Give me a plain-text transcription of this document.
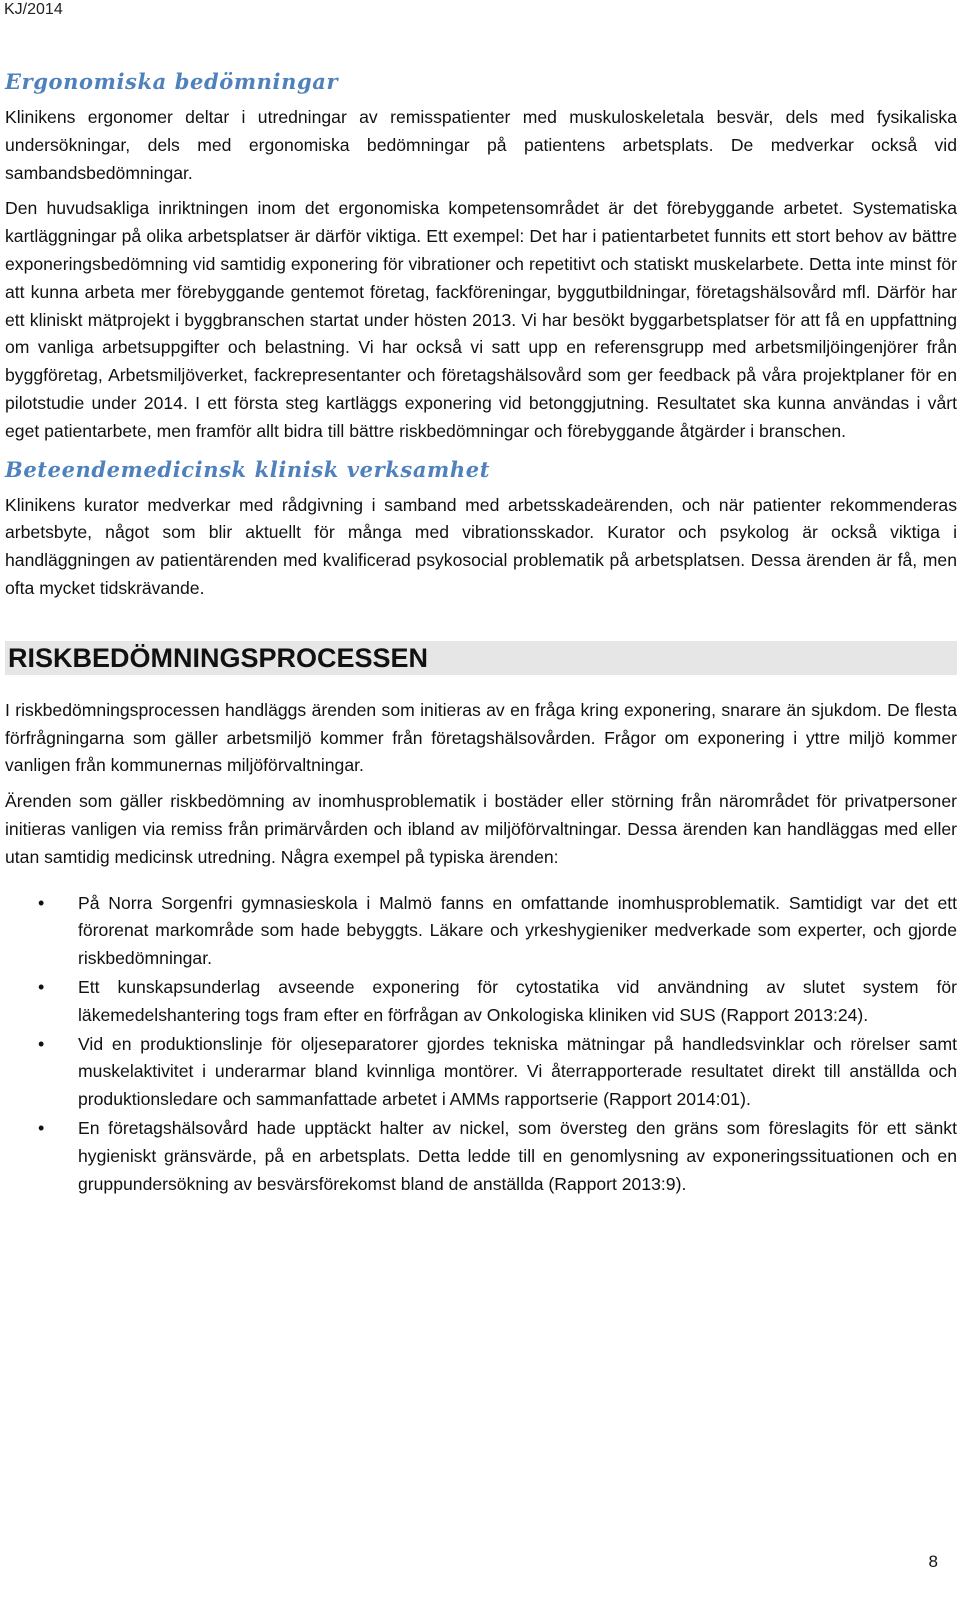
KJ/2014
Ergonomiska bedömningar

Klinikens ergonomer deltar i utredningar av remisspatienter med muskuloskeletala besvär, dels med fysikaliska undersökningar, dels med ergonomiska bedömningar på patientens arbetsplats. De medverkar också vid sambandsbedömningar.

Den huvudsakliga inriktningen inom det ergonomiska kompetensområdet är det förebyggande arbetet. Systematiska kartläggningar på olika arbetsplatser är därför viktiga. Ett exempel: Det har i patientarbetet funnits ett stort behov av bättre exponeringsbedömning vid samtidig exponering för vibrationer och repetitivt och statiskt muskelarbete. Detta inte minst för att kunna arbeta mer förebyggande gentemot företag, fackföreningar, byggutbildningar, företagshälsovård mfl. Därför har ett kliniskt mätprojekt i byggbranschen startat under hösten 2013. Vi har besökt byggarbetsplatser för att få en uppfattning om vanliga arbetsuppgifter och belastning. Vi har också vi satt upp en referensgrupp med arbetsmiljöingenjörer från byggföretag, Arbetsmiljöverket, fackrepresentanter och företagshälsovård som ger feedback på våra projektplaner för en pilotstudie under 2014. I ett första steg kartläggs exponering vid betonggjutning. Resultatet ska kunna användas i vårt eget patientarbete, men framför allt bidra till bättre riskbedömningar och förebyggande åtgärder i branschen.

Beteendemedicinsk klinisk verksamhet

Klinikens kurator medverkar med rådgivning i samband med arbetsskadeärenden, och när patienter rekommenderas arbetsbyte, något som blir aktuellt för många med vibrationsskador. Kurator och psykolog är också viktiga i handläggningen av patientärenden med kvalificerad psykosocial problematik på arbetsplatsen. Dessa ärenden är få, men ofta mycket tidskrävande.

RISKBEDÖMNINGSPROCESSEN

I riskbedömningsprocessen handläggs ärenden som initieras av en fråga kring exponering, snarare än sjukdom. De flesta förfrågningarna som gäller arbetsmiljö kommer från företagshälsovården. Frågor om exponering i yttre miljö kommer vanligen från kommunernas miljöförvaltningar.

Ärenden som gäller riskbedömning av inomhusproblematik i bostäder eller störning från närområdet för privatpersoner initieras vanligen via remiss från primärvården och ibland av miljöförvaltningar. Dessa ärenden kan handläggas med eller utan samtidig medicinsk utredning. Några exempel på typiska ärenden:

• På Norra Sorgenfri gymnasieskola i Malmö fanns en omfattande inomhusproblematik. Samtidigt var det ett förorenat markområde som hade bebyggts. Läkare och yrkeshygieniker medverkade som experter, och gjorde riskbedömningar.
• Ett kunskapsunderlag avseende exponering för cytostatika vid användning av slutet system för läkemedelshantering togs fram efter en förfrågan av Onkologiska kliniken vid SUS (Rapport 2013:24).
• Vid en produktionslinje för oljeseparatorer gjordes tekniska mätningar på handledsvinklar och rörelser samt muskelaktivitet i underarmar bland kvinnliga montörer. Vi återrapporterade resultatet direkt till anställda och produktionsledare och sammanfattade arbetet i AMMs rapportserie (Rapport 2014:01).
• En företagshälsovård hade upptäckt halter av nickel, som översteg den gräns som föreslagits för ett sänkt hygieniskt gränsvärde, på en arbetsplats. Detta ledde till en genomlysning av exponeringssituationen och en gruppundersökning av besvärsförekomst bland de anställda (Rapport 2013:9).
8
